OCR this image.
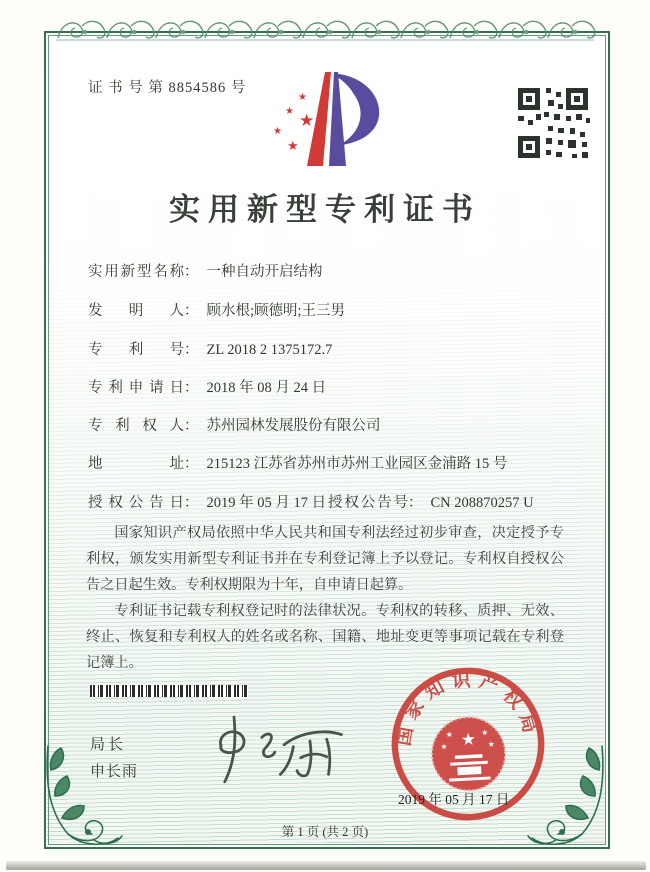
证 书 号 第 8854586 号
★
★ ★
★
★
实用新型专利证书
实用新型名称： 一种自动开启结构
发明人： 顾水根;顾德明;王三男
专利号： ZL 2018 2 1375172.7
专利申请日： 2018 年 08 月 24 日
专利权人： 苏州园林发展股份有限公司
地址： 215123 江苏省苏州市苏州工业园区金浦路 15 号
授权公告日： 2019 年 05 月 17 日 授权公告号： CN 208870257 U

国家知识产权局依照中华人民共和国专利法经过初步审查，决定授予专利权，颁发实用新型专利证书并在专利登记簿上予以登记。专利权自授权公告之日起生效。专利权期限为十年，自申请日起算。

专利证书记载专利权登记时的法律状况。专利权的转移、质押、无效、终止、恢复和专利权人的姓名或名称、国籍、地址变更等事项记载在专利登记簿上。

局长
申长雨
国家知识产权局
★
★	★
★	★
2019 年 05 月 17 日
第 1 页 (共 2 页)
